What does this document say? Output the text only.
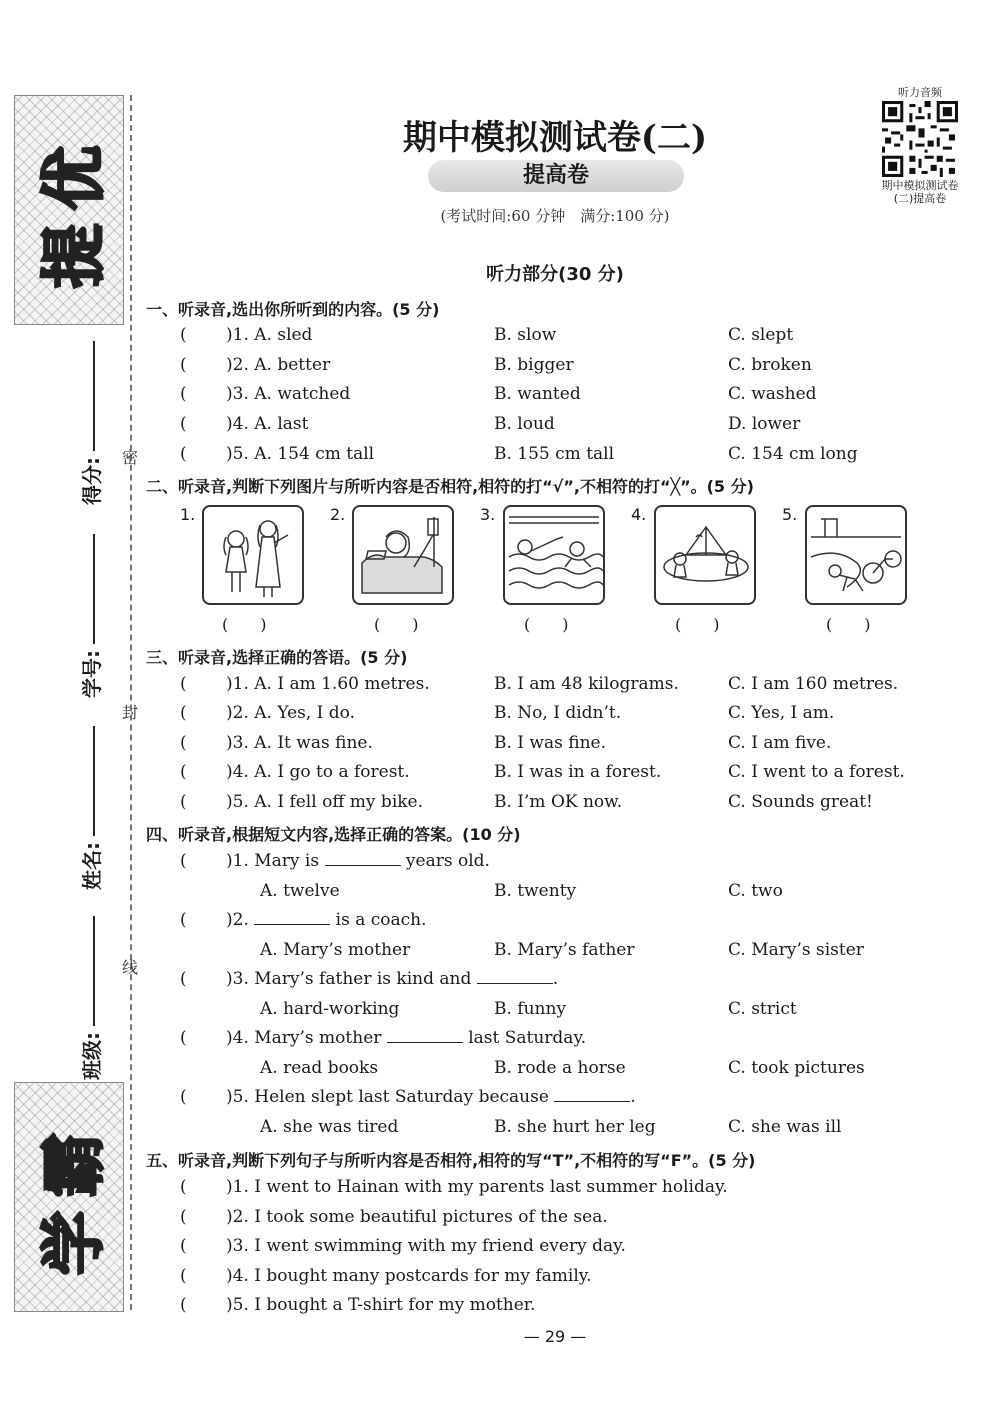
提优
学霸
得分:
学号:
姓名:
班级:
密
封
线
期中模拟测试卷(二)
提高卷
(考试时间:60 分钟　满分:100 分)
听力音频
期中模拟测试卷
(二)提高卷
听力部分(30 分)
一、听录音,选出你所听到的内容。(5 分)
( )1. A. sled	B. slow	C. slept
( )2. A. better	B. bigger	C. broken
( )3. A. watched	B. wanted	C. washed
( )4. A. last	B. loud	D. lower
( )5. A. 154 cm tall	B. 155 cm tall	C. 154 cm long
二、听录音,判断下列图片与所听内容是否相符,相符的打“√”,不相符的打“╳”。(5 分)
1.
(　　)
2.
(　　)
3.
(　　)
4.
(　　)
5.
(　　)
三、听录音,选择正确的答语。(5 分)
( )1. A. I am 1.60 metres.	B. I am 48 kilograms.	C. I am 160 metres.
( )2. A. Yes, I do.	B. No, I didn’t.	C. Yes, I am.
( )3. A. It was fine.	B. I was fine.	C. I am five.
( )4. A. I go to a forest.	B. I was in a forest.	C. I went to a forest.
( )5. A. I fell off my bike.	B. I’m OK now.	C. Sounds great!
四、听录音,根据短文内容,选择正确的答案。(10 分)
( )1. Mary is	years old.
A. twelve	B. twenty	C. two
( )2.	is a coach.
A. Mary’s mother	B. Mary’s father	C. Mary’s sister
( )3. Mary’s father is kind and	.
A. hard-working	B. funny	C. strict
( )4. Mary’s mother	last Saturday.
A. read books	B. rode a horse	C. took pictures
( )5. Helen slept last Saturday because	.
A. she was tired	B. she hurt her leg	C. she was ill
五、听录音,判断下列句子与所听内容是否相符,相符的写“T”,不相符的写“F”。(5 分)
( )1. I went to Hainan with my parents last summer holiday.
( )2. I took some beautiful pictures of the sea.
( )3. I went swimming with my friend every day.
( )4. I bought many postcards for my family.
( )5. I bought a T-shirt for my mother.
— 29 —
